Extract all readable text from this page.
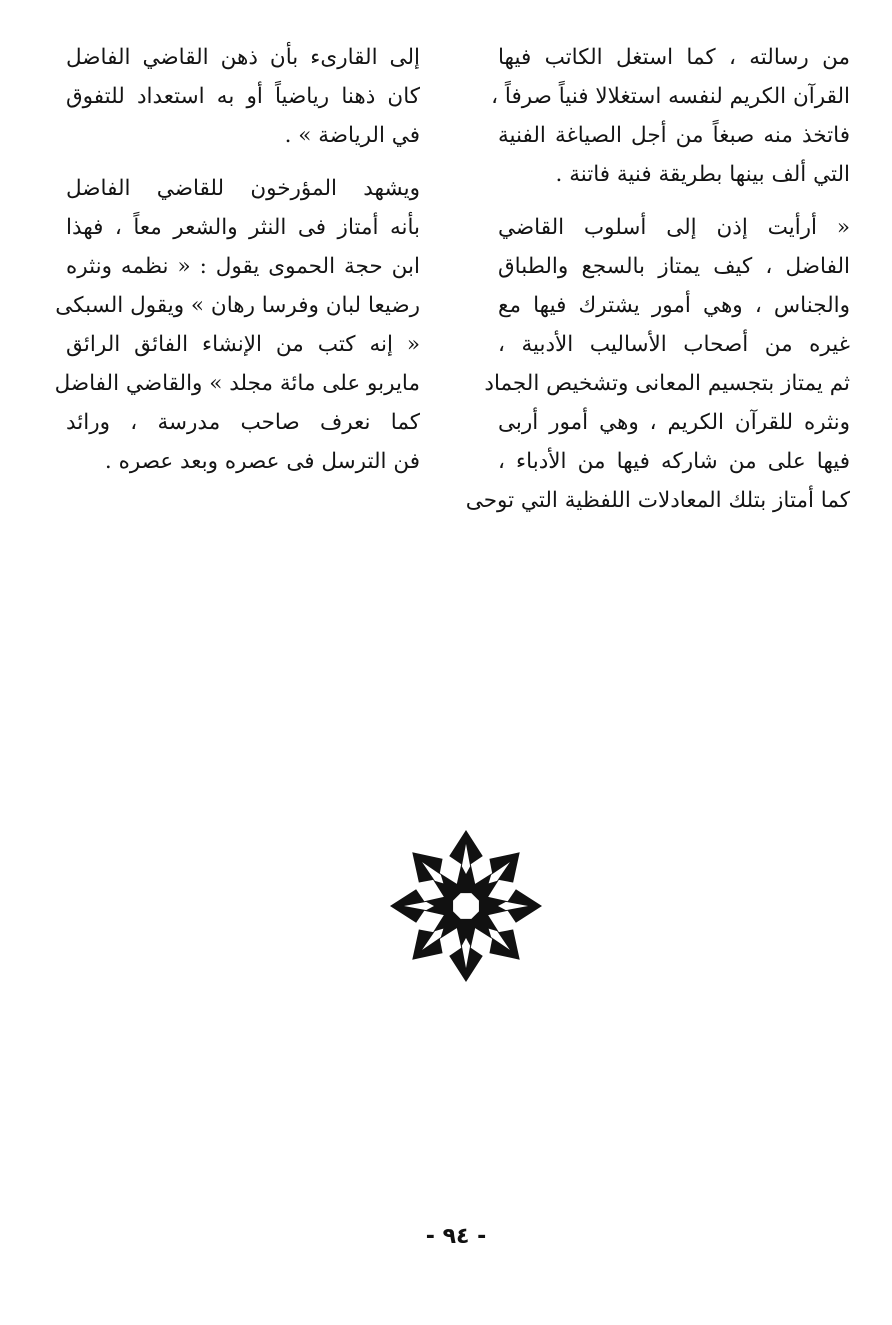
من رسالته ، كما استغل الكاتب فيها
القرآن الكريم لنفسه استغلالا فنياً صرفاً ،
فاتخذ منه صبغاً من أجل الصياغة الفنية
التي ألف بينها بطريقة فنية فاتنة .

« أرأيت إذن إلى أسلوب القاضي
الفاضل ، كيف يمتاز بالسجع والطباق
والجناس ، وهي أمور يشترك فيها مع
غيره من أصحاب الأساليب الأدبية ،
ثم يمتاز بتجسيم المعانى وتشخيص الجماد
ونثره للقرآن الكريم ، وهي أمور أربى
فيها على من شاركه فيها من الأدباء ،
كما أمتاز بتلك المعادلات اللفظية التي توحى

إلى القارىء بأن ذهن القاضي الفاضل
كان ذهنا رياضياً أو به استعداد للتفوق
في الرياضة » .

ويشهد المؤرخون للقاضي الفاضل
بأنه أمتاز فى النثر والشعر معاً ، فهذا
ابن حجة الحموى يقول : « نظمه ونثره
رضيعا لبان وفرسا رهان » ويقول السبكى
« إنه كتب من الإنشاء الفائق الرائق
مايربو على مائة مجلد » والقاضي الفاضل
كما نعرف صاحب مدرسة ، ورائد
فن الترسل فى عصره وبعد عصره .

- ٩٤ -
